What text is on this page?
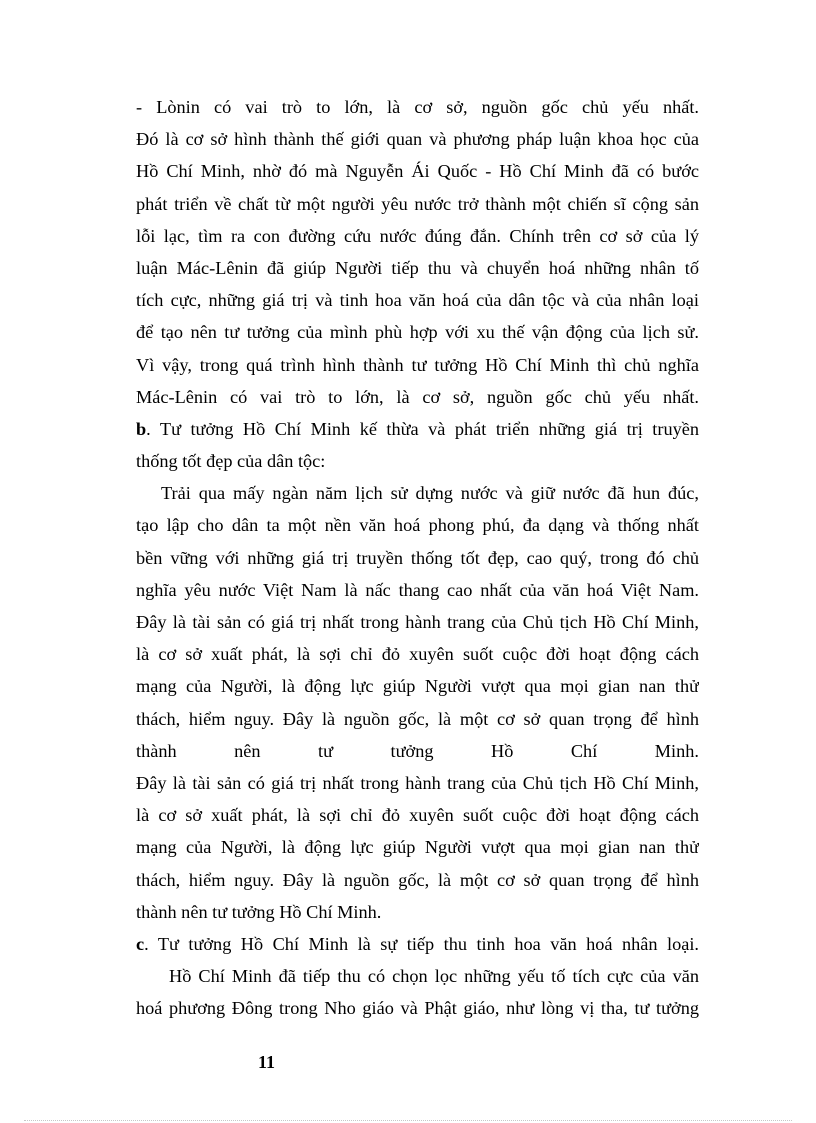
- Lònin có vai trò to lớn, là cơ sở, nguồn gốc chủ yếu nhất.
Đó là cơ sở hình thành thế giới quan và phương pháp luận khoa học của
Hồ Chí Minh, nhờ đó mà Nguyễn Ái Quốc - Hồ Chí Minh đã có bước
phát triển về chất từ một người yêu nước trở thành một chiến sĩ cộng sản
lỗi lạc, tìm ra con đường cứu nước đúng đắn. Chính trên cơ sở của lý
luận Mác-Lênin đã giúp Người tiếp thu và chuyển hoá những nhân tố
tích cực, những giá trị và tinh hoa văn hoá của dân tộc và của nhân loại
để tạo nên tư tưởng của mình phù hợp với xu thế vận động của lịch sử.
Vì vậy, trong quá trình hình thành tư tưởng Hồ Chí Minh thì chủ nghĩa
Mác-Lênin có vai trò to lớn, là cơ sở, nguồn gốc chủ yếu nhất.
b. Tư tưởng Hồ Chí Minh kế thừa và phát triển những giá trị truyền
thống tốt đẹp của dân tộc:
Trải qua mấy ngàn năm lịch sử dựng nước và giữ nước đã hun đúc,
tạo lập cho dân ta một nền văn hoá phong phú, đa dạng và thống nhất
bền vững với những giá trị truyền thống tốt đẹp, cao quý, trong đó chủ
nghĩa yêu nước Việt Nam là nấc thang cao nhất của văn hoá Việt Nam.
Đây là tài sản có giá trị nhất trong hành trang của Chủ tịch Hồ Chí Minh,
là cơ sở xuất phát, là sợi chỉ đỏ xuyên suốt cuộc đời hoạt động cách
mạng của Người, là động lực giúp Người vượt qua mọi gian nan thử
thách, hiểm nguy. Đây là nguồn gốc, là một cơ sở quan trọng để hình
thành nên tư tưởng Hồ Chí Minh.
Đây là tài sản có giá trị nhất trong hành trang của Chủ tịch Hồ Chí Minh,
là cơ sở xuất phát, là sợi chỉ đỏ xuyên suốt cuộc đời hoạt động cách
mạng của Người, là động lực giúp Người vượt qua mọi gian nan thử
thách, hiểm nguy. Đây là nguồn gốc, là một cơ sở quan trọng để hình
thành nên tư tưởng Hồ Chí Minh.
c. Tư tưởng Hồ Chí Minh là sự tiếp thu tinh hoa văn hoá nhân loại.
Hồ Chí Minh đã tiếp thu có chọn lọc những yếu tố tích cực của văn
hoá phương Đông trong Nho giáo và Phật giáo, như lòng vị tha, tư tưởng
11
